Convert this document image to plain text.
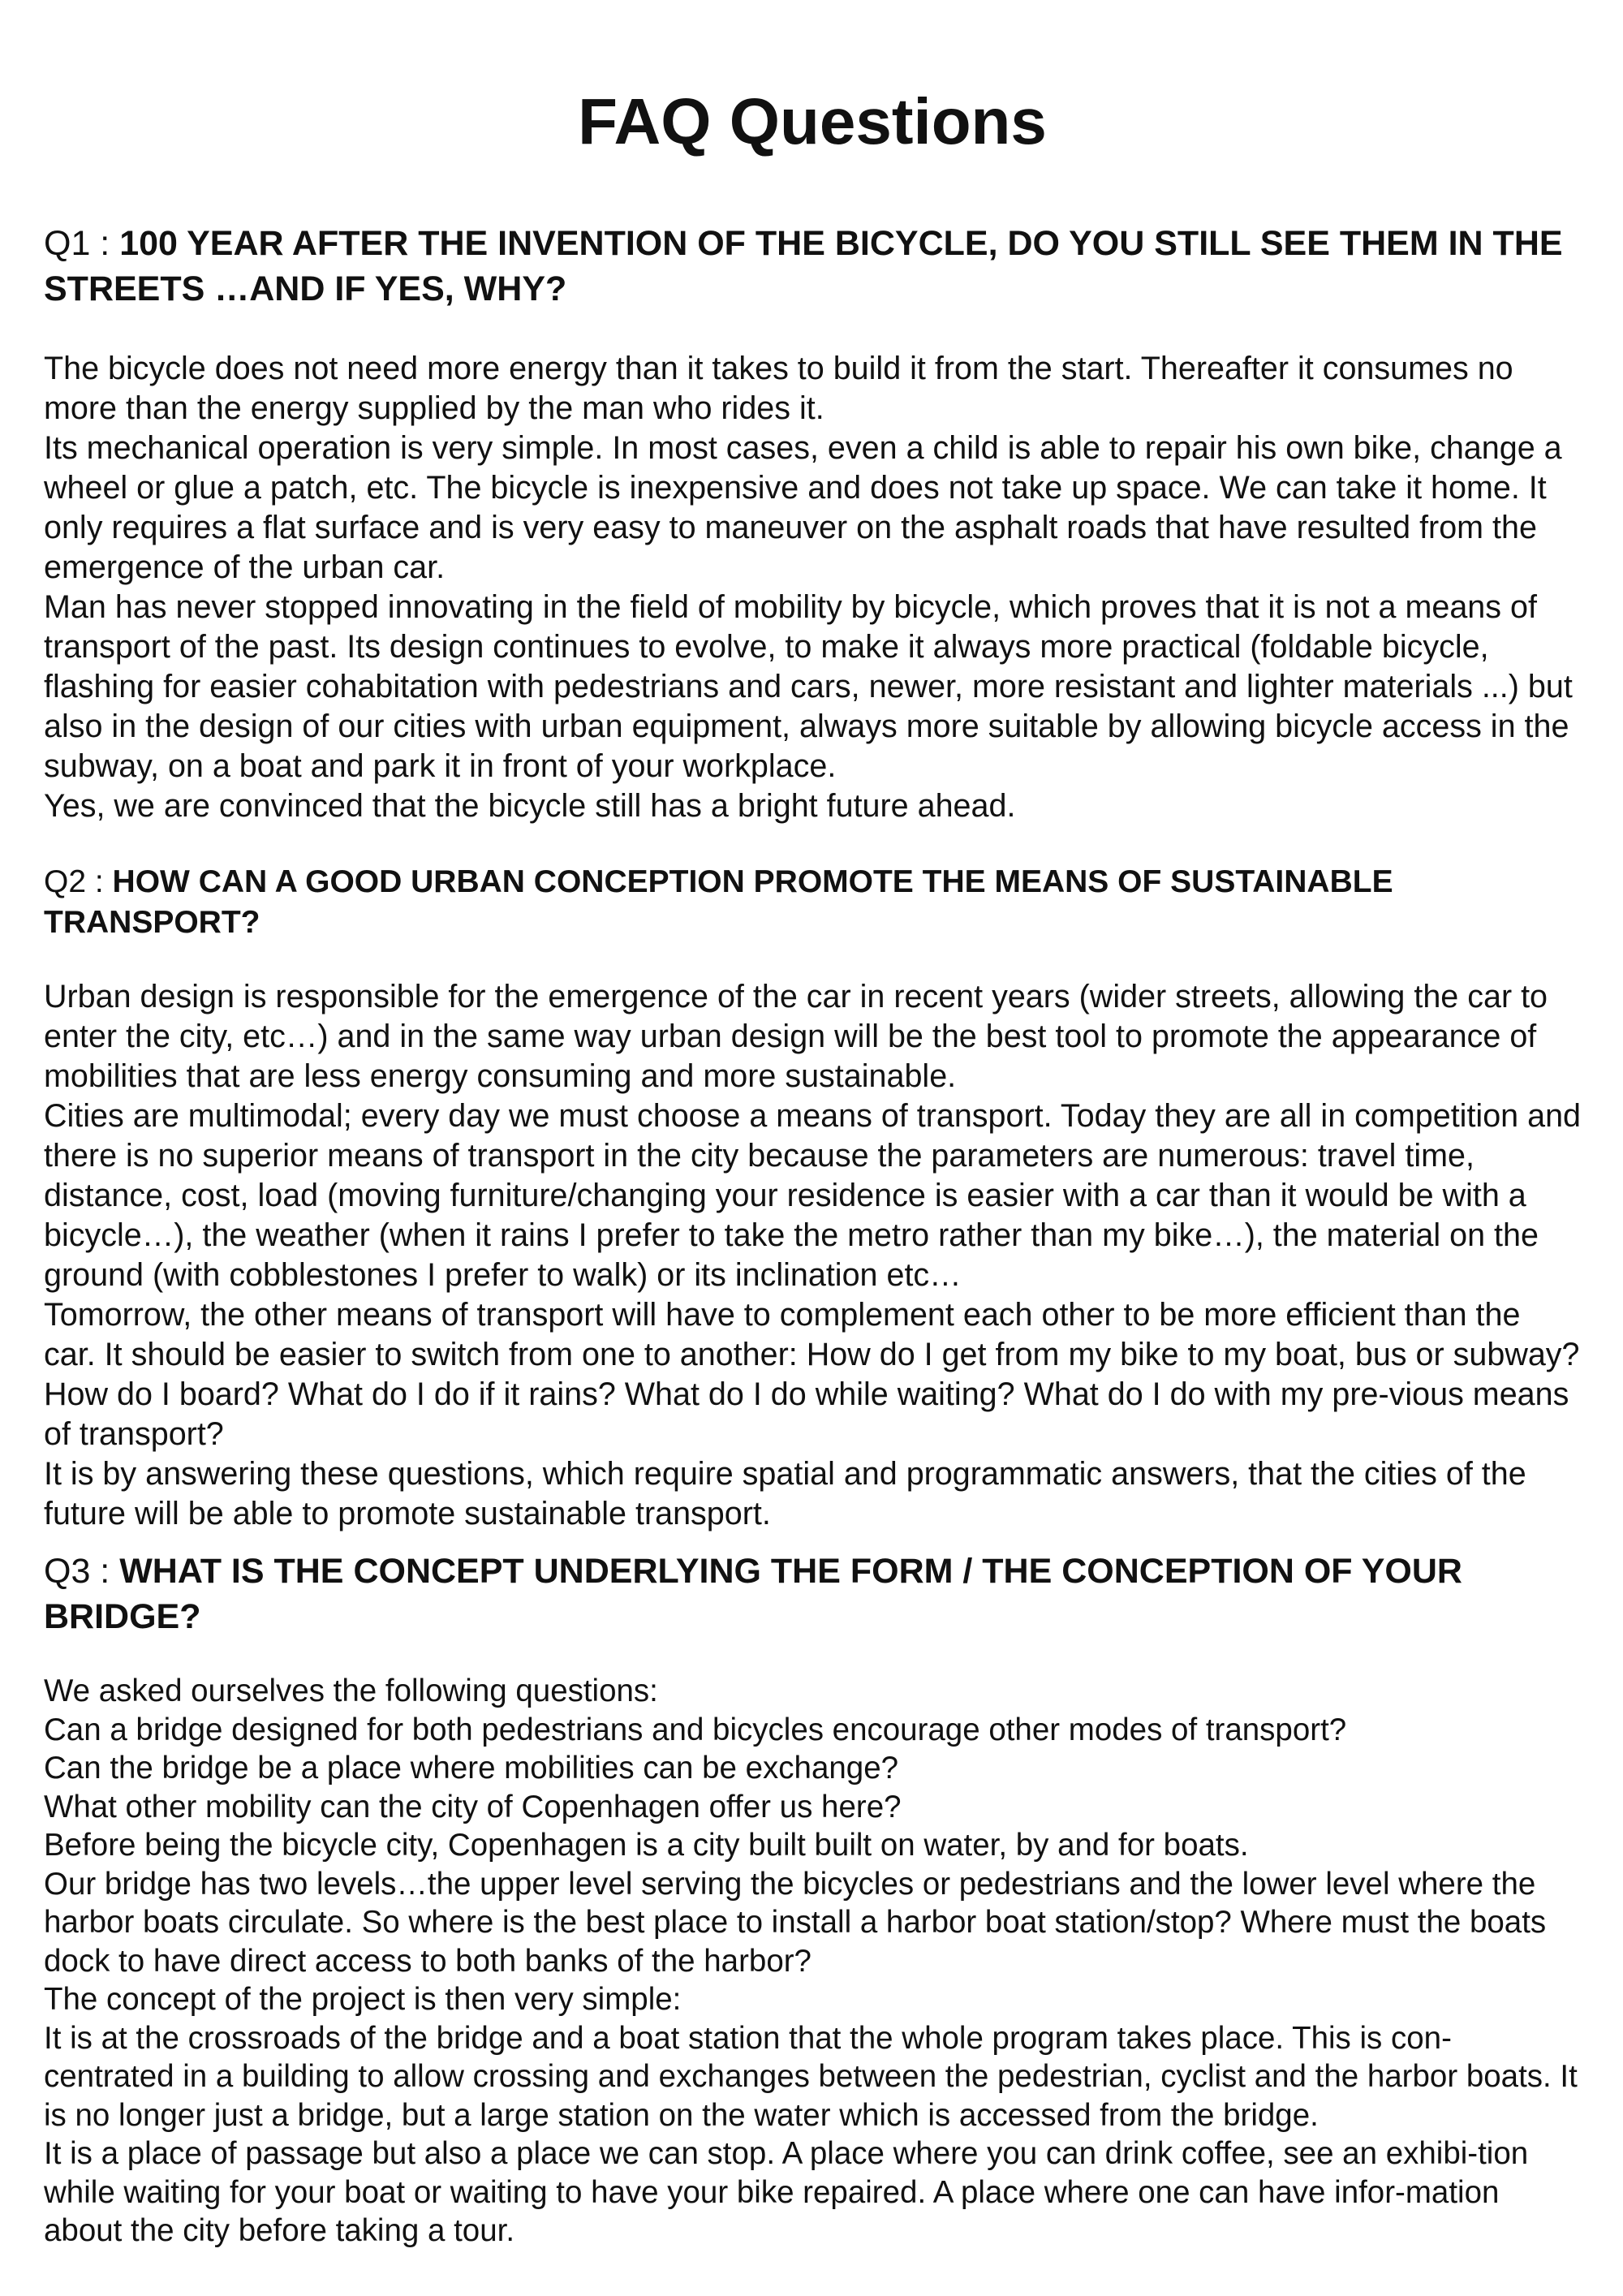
FAQ Questions
Q1 : 100 YEAR AFTER THE INVENTION OF THE BICYCLE, DO YOU STILL SEE THEM IN THE STREETS …AND IF YES, WHY?

The bicycle does not need more energy than it takes to build it from the start. Thereafter it consumes no more than the energy supplied by the man who rides it.

Its mechanical operation is very simple. In most cases, even a child is able to repair his own bike, change a wheel or glue a patch, etc. The bicycle is inexpensive and does not take up space. We can take it home. It only requires a flat surface and is very easy to maneuver on the asphalt roads that have resulted from the emergence of the urban car.

Man has never stopped innovating in the field of mobility by bicycle, which proves that it is not a means of transport of the past. Its design continues to evolve, to make it always more practical (foldable bicycle, flashing for easier cohabitation with pedestrians and cars, newer, more resistant and lighter materials ...) but also in the design of our cities with urban equipment, always more suitable by allowing bicycle access in the subway, on a boat and park it in front of your workplace.

Yes, we are convinced that the bicycle still has a bright future ahead.

Q2 : HOW CAN A GOOD URBAN CONCEPTION PROMOTE THE MEANS OF SUSTAINABLE TRANSPORT?

Urban design is responsible for the emergence of the car in recent years (wider streets, allowing the car to enter the city, etc…) and in the same way urban design will be the best tool to promote the appearance of mobilities that are less energy consuming and more sustainable.

Cities are multimodal; every day we must choose a means of transport. Today they are all in competition and there is no superior means of transport in the city because the parameters are numerous: travel time, distance, cost, load (moving furniture/changing your residence is easier with a car than it would be with a bicycle…), the weather (when it rains I prefer to take the metro rather than my bike…), the material on the ground (with cobblestones I prefer to walk) or its inclination etc…

Tomorrow, the other means of transport will have to complement each other to be more efficient than the car. It should be easier to switch from one to another: How do I get from my bike to my boat, bus or subway? How do I board? What do I do if it rains? What do I do while waiting? What do I do with my pre-vious means of transport?

It is by answering these questions, which require spatial and programmatic answers, that the cities of the future will be able to promote sustainable transport.

Q3 : WHAT IS THE CONCEPT UNDERLYING THE FORM / THE CONCEPTION OF YOUR BRIDGE?

We asked ourselves the following questions:

Can a bridge designed for both pedestrians and bicycles encourage other modes of transport?

Can the bridge be a place where mobilities can be exchange?

What other mobility can the city of Copenhagen offer us here?

Before being the bicycle city, Copenhagen is a city built built on water, by and for boats.

Our bridge has two levels…the upper level serving the bicycles or pedestrians and the lower level where the harbor boats circulate. So where is the best place to install a harbor boat station/stop? Where must the boats dock to have direct access to both banks of the harbor?

The concept of the project is then very simple:

It is at the crossroads of the bridge and a boat station that the whole program takes place. This is con-centrated in a building to allow crossing and exchanges between the pedestrian, cyclist and the harbor boats. It is no longer just a bridge, but a large station on the water which is accessed from the bridge.

It is a place of passage but also a place we can stop. A place where you can drink coffee, see an exhibi-tion while waiting for your boat or waiting to have your bike repaired. A place where one can have infor-mation about the city before taking a tour.
